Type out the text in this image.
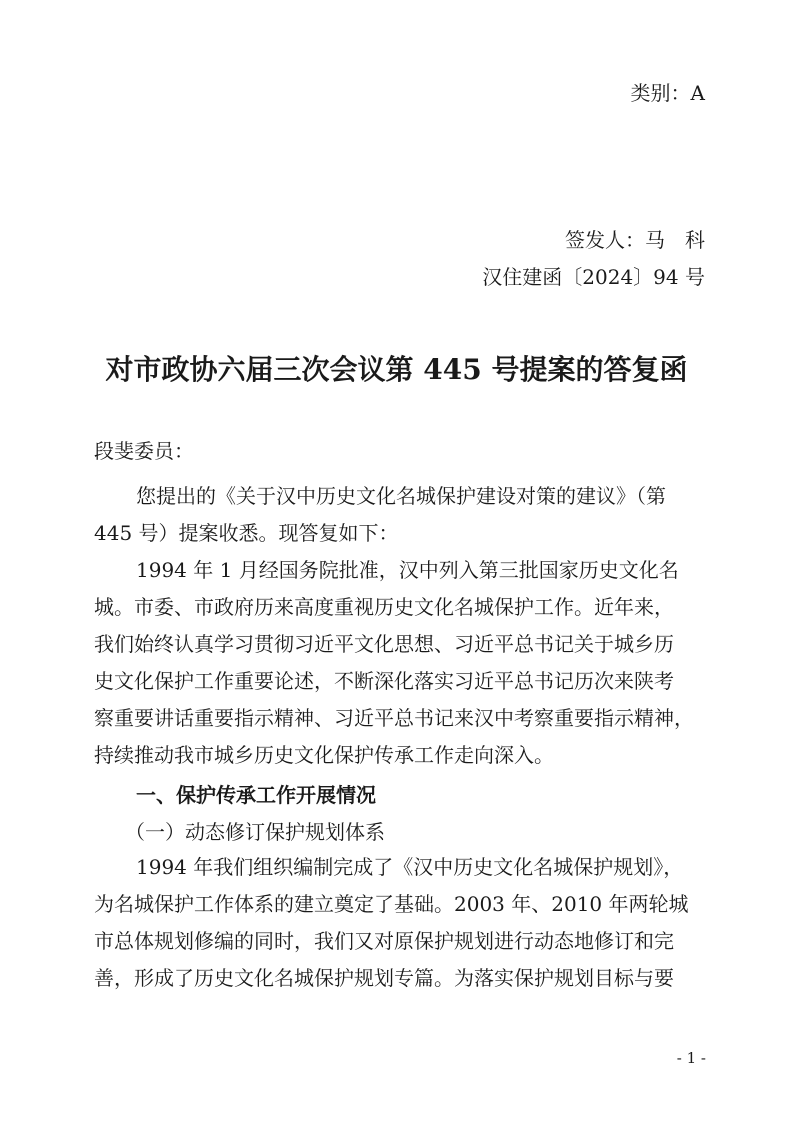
类别：A
签发人：马　科
汉住建函〔2024〕94 号
对市政协六届三次会议第 445 号提案的答复函
段斐委员：
您提出的《关于汉中历史文化名城保护建设对策的建议》（第
445 号）提案收悉。现答复如下：
1994 年 1 月经国务院批准，汉中列入第三批国家历史文化名
城。市委、市政府历来高度重视历史文化名城保护工作。近年来，
我们始终认真学习贯彻习近平文化思想、习近平总书记关于城乡历
史文化保护工作重要论述，不断深化落实习近平总书记历次来陕考
察重要讲话重要指示精神、习近平总书记来汉中考察重要指示精神，
持续推动我市城乡历史文化保护传承工作走向深入。
一、保护传承工作开展情况
（一）动态修订保护规划体系
1994 年我们组织编制完成了《汉中历史文化名城保护规划》，
为名城保护工作体系的建立奠定了基础。2003 年、2010 年两轮城
市总体规划修编的同时，我们又对原保护规划进行动态地修订和完
善，形成了历史文化名城保护规划专篇。为落实保护规划目标与要
- 1 -
